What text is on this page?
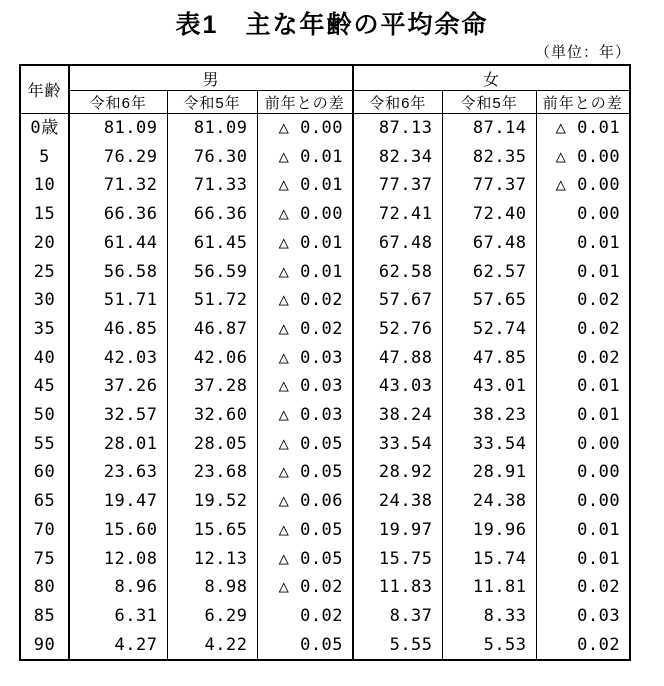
表1　主な年齢の平均余命
（単位：年）
年齢	男			女		
	令和6年	令和5年	前年との差	令和6年	令和5年	前年との差
0歳	81.09	81.09	△ 0.00	87.13	87.14	△ 0.01
5	76.29	76.30	△ 0.01	82.34	82.35	△ 0.00
10	71.32	71.33	△ 0.01	77.37	77.37	△ 0.00
15	66.36	66.36	△ 0.00	72.41	72.40	0.00
20	61.44	61.45	△ 0.01	67.48	67.48	0.01
25	56.58	56.59	△ 0.01	62.58	62.57	0.01
30	51.71	51.72	△ 0.02	57.67	57.65	0.02
35	46.85	46.87	△ 0.02	52.76	52.74	0.02
40	42.03	42.06	△ 0.03	47.88	47.85	0.02
45	37.26	37.28	△ 0.03	43.03	43.01	0.01
50	32.57	32.60	△ 0.03	38.24	38.23	0.01
55	28.01	28.05	△ 0.05	33.54	33.54	0.00
60	23.63	23.68	△ 0.05	28.92	28.91	0.00
65	19.47	19.52	△ 0.06	24.38	24.38	0.00
70	15.60	15.65	△ 0.05	19.97	19.96	0.01
75	12.08	12.13	△ 0.05	15.75	15.74	0.01
80	8.96	8.98	△ 0.02	11.83	11.81	0.02
85	6.31	6.29	0.02	8.37	8.33	0.03
90	4.27	4.22	0.05	5.55	5.53	0.02
